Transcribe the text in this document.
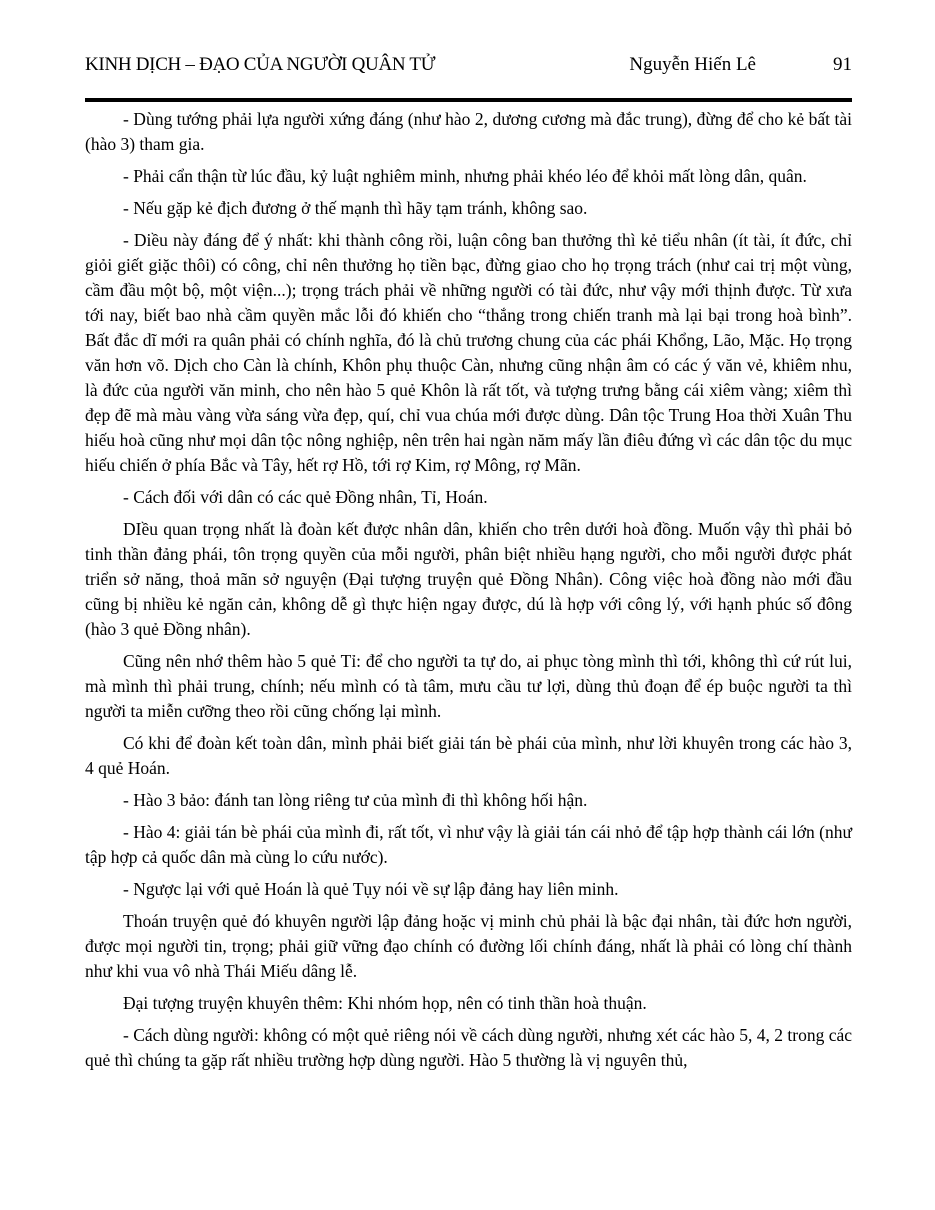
KINH DỊCH – ĐẠO CỦA NGƯỜI QUÂN TỬ	Nguyễn Hiến Lê	91

- Dùng tướng phải lựa người xứng đáng (như hào 2, dương cương mà đắc trung), đừng để cho kẻ bất tài (hào 3) tham gia.

- Phải cẩn thận từ lúc đầu, kỷ luật nghiêm minh, nhưng phải khéo léo để khỏi mất lòng dân, quân.

- Nếu gặp kẻ địch đương ở thế mạnh thì hãy tạm tránh, không sao.

- Diều này đáng để ý nhất: khi thành công rồi, luận công ban thưởng thì kẻ tiểu nhân (ít tài, ít đức, chỉ giỏi giết giặc thôi) có công, chỉ nên thưởng họ tiền bạc, đừng giao cho họ trọng trách (như cai trị một vùng, cầm đầu một bộ, một viện...); trọng trách phải về những người có tài đức, như vậy mới thịnh được. Từ xưa tới nay, biết bao nhà cầm quyền mắc lỗi đó khiến cho “thắng trong chiến tranh mà lại bại trong hoà bình”. Bất đắc dĩ mới ra quân phải có chính nghĩa, đó là chủ trương chung của các phái Khổng, Lão, Mặc. Họ trọng văn hơn võ. Dịch cho Càn là chính, Khôn phụ thuộc Càn, nhưng cũng nhận âm có các ý văn vẻ, khiêm nhu, là đức của người văn minh, cho nên hào 5 quẻ Khôn là rất tốt, và tượng trưng bằng cái xiêm vàng; xiêm thì đẹp đẽ mà màu vàng vừa sáng vừa đẹp, quí, chỉ vua chúa mới được dùng. Dân tộc Trung Hoa thời Xuân Thu hiếu hoà cũng như mọi dân tộc nông nghiệp, nên trên hai ngàn năm mấy lần điêu đứng vì các dân tộc du mục hiếu chiến ở phía Bắc và Tây, hết rợ Hồ, tới rợ Kim, rợ Mông, rợ Mãn.

- Cách đối với dân có các quẻ Đồng nhân, Tỉ, Hoán.

DIều quan trọng nhất là đoàn kết được nhân dân, khiến cho trên dưới hoà đồng. Muốn vậy thì phải bỏ tinh thần đảng phái, tôn trọng quyền của mỗi người, phân biệt nhiều hạng người, cho mỗi người được phát triển sở năng, thoả mãn sở nguyện (Đại tượng truyện quẻ Đồng Nhân). Công việc hoà đồng nào mới đầu cũng bị nhiều kẻ ngăn cản, không dễ gì thực hiện ngay được, dú là hợp với công lý, với hạnh phúc số đông (hào 3 quẻ Đồng nhân).

Cũng nên nhớ thêm hào 5 quẻ Tỉ: để cho người ta tự do, ai phục tòng mình thì tới, không thì cứ rút lui, mà mình thì phải trung, chính; nếu mình có tà tâm, mưu cầu tư lợi, dùng thủ đoạn để ép buộc người ta thì người ta miễn cưỡng theo rồi cũng chống lại mình.

Có khi để đoàn kết toàn dân, mình phải biết giải tán bè phái của mình, như lời khuyên trong các hào 3, 4 quẻ Hoán.

- Hào 3 bảo: đánh tan lòng riêng tư của mình đi thì không hối hận.

- Hào 4: giải tán bè phái của mình đi, rất tốt, vì như vậy là giải tán cái nhỏ để tập hợp thành cái lớn (như tập hợp cả quốc dân mà cùng lo cứu nước).

- Ngược lại với quẻ Hoán là quẻ Tụy nói về sự lập đảng hay liên minh.

Thoán truyện quẻ đó khuyên người lập đảng hoặc vị minh chủ phải là bậc đại nhân, tài đức hơn người, được mọi người tin, trọng; phải giữ vững đạo chính có đường lối chính đáng, nhất là phải có lòng chí thành như khi vua vô nhà Thái Miếu dâng lễ.

Đại tượng truyện khuyên thêm: Khi nhóm họp, nên có tinh thần hoà thuận.

- Cách dùng người: không có một quẻ riêng nói về cách dùng người, nhưng xét các hào 5, 4, 2 trong các quẻ thì chúng ta gặp rất nhiều trường hợp dùng người. Hào 5 thường là vị nguyên thủ,
